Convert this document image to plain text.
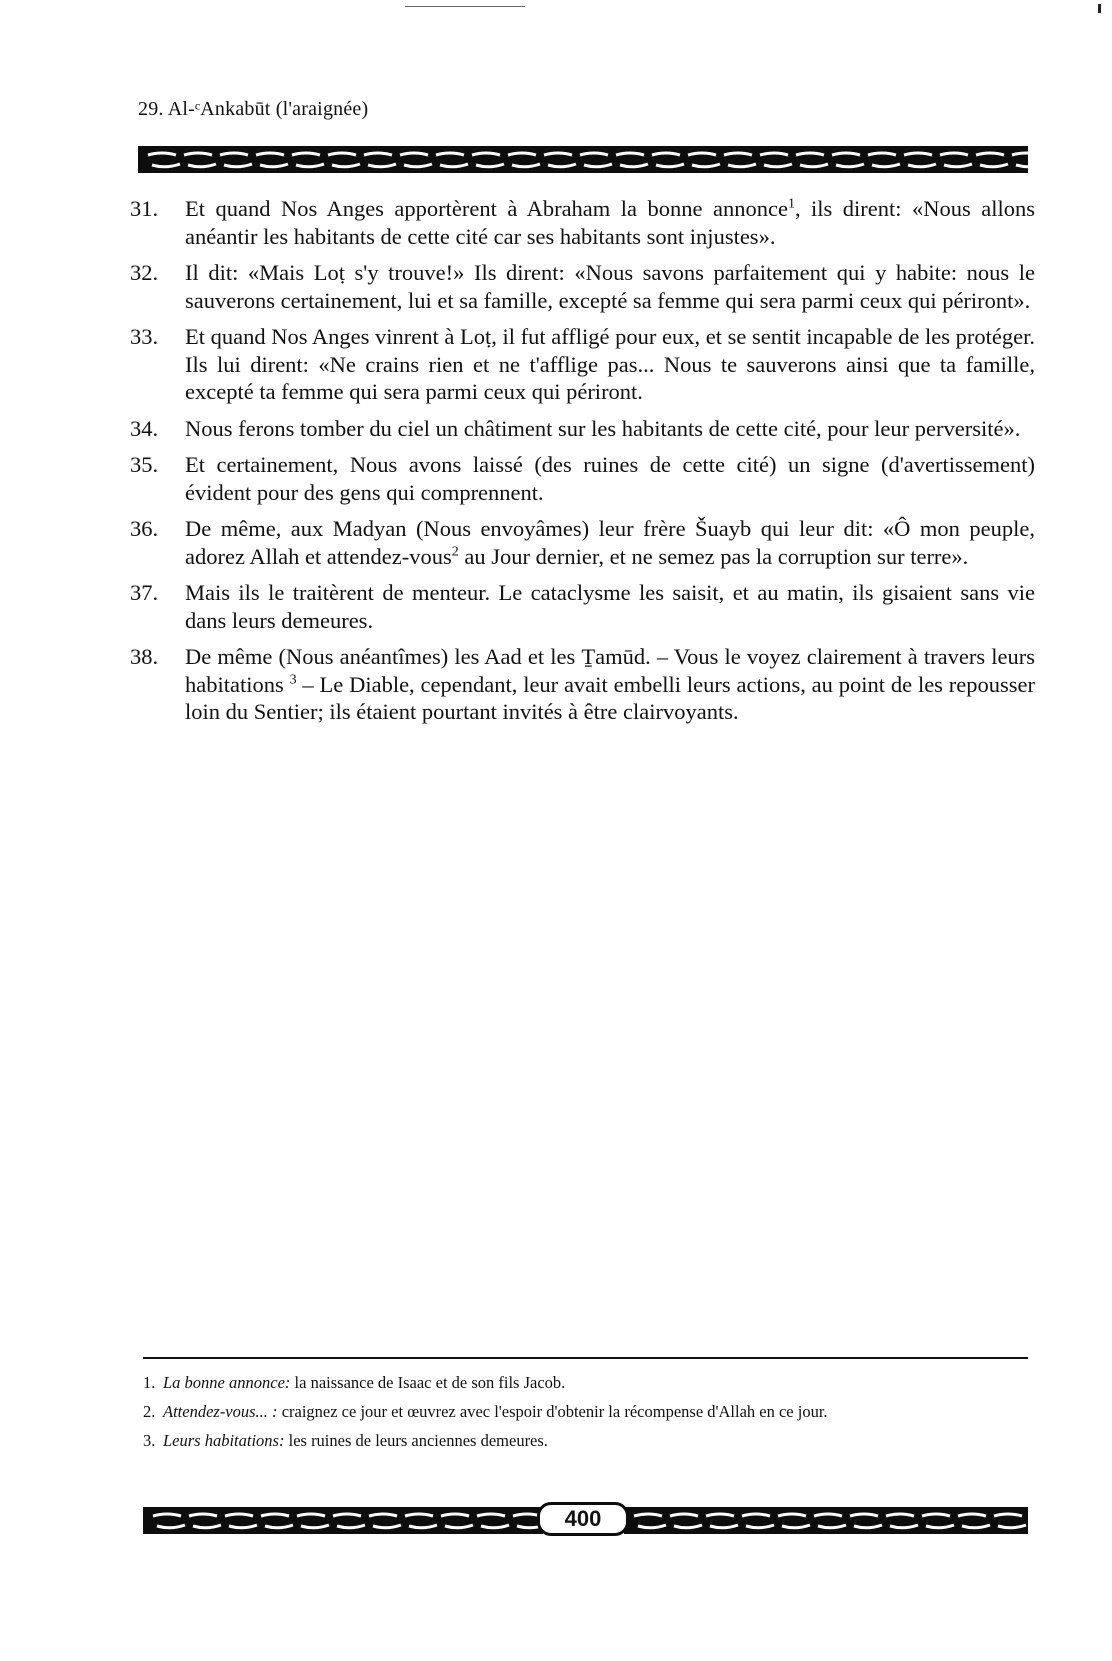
29. Al-ᶜAnkabūt (l'araignée)
31.	Et quand Nos Anges apportèrent à Abraham la bonne annonce$^1$, ils dirent: «Nous allons anéantir les habitants de cette cité car ses habitants sont injustes».
32.	Il dit: «Mais Loṭ s'y trouve!» Ils dirent: «Nous savons parfaitement qui y habite: nous le sauverons certainement, lui et sa famille, excepté sa femme qui sera parmi ceux qui périront».
33.	Et quand Nos Anges vinrent à Loṭ, il fut affligé pour eux, et se sentit incapable de les protéger. Ils lui dirent: «Ne crains rien et ne t'afflige pas... Nous te sauverons ainsi que ta famille, excepté ta femme qui sera parmi ceux qui périront.
34.	Nous ferons tomber du ciel un châtiment sur les habitants de cette cité, pour leur perversité».
35.	Et certainement, Nous avons laissé (des ruines de cette cité) un signe (d'avertissement) évident pour des gens qui comprennent.
36.	De même, aux Madyan (Nous envoyâmes) leur frère Šuayb qui leur dit: «Ô mon peuple, adorez Allah et attendez-vous$^2$ au Jour dernier, et ne semez pas la corruption sur terre».
37.	Mais ils le traitèrent de menteur. Le cataclysme les saisit, et au matin, ils gisaient sans vie dans leurs demeures.
38.	De même (Nous anéantîmes) les Aad et les Ṯamūd. – Vous le voyez clairement à travers leurs habitations $^3$ – Le Diable, cependant, leur avait embelli leurs actions, au point de les repousser loin du Sentier; ils étaient pourtant invités à être clairvoyants.
1. La bonne annonce: la naissance de Isaac et de son fils Jacob.
2. Attendez-vous... : craignez ce jour et œuvrez avec l'espoir d'obtenir la récompense d'Allah en ce jour.
3. Leurs habitations: les ruines de leurs anciennes demeures.
400
